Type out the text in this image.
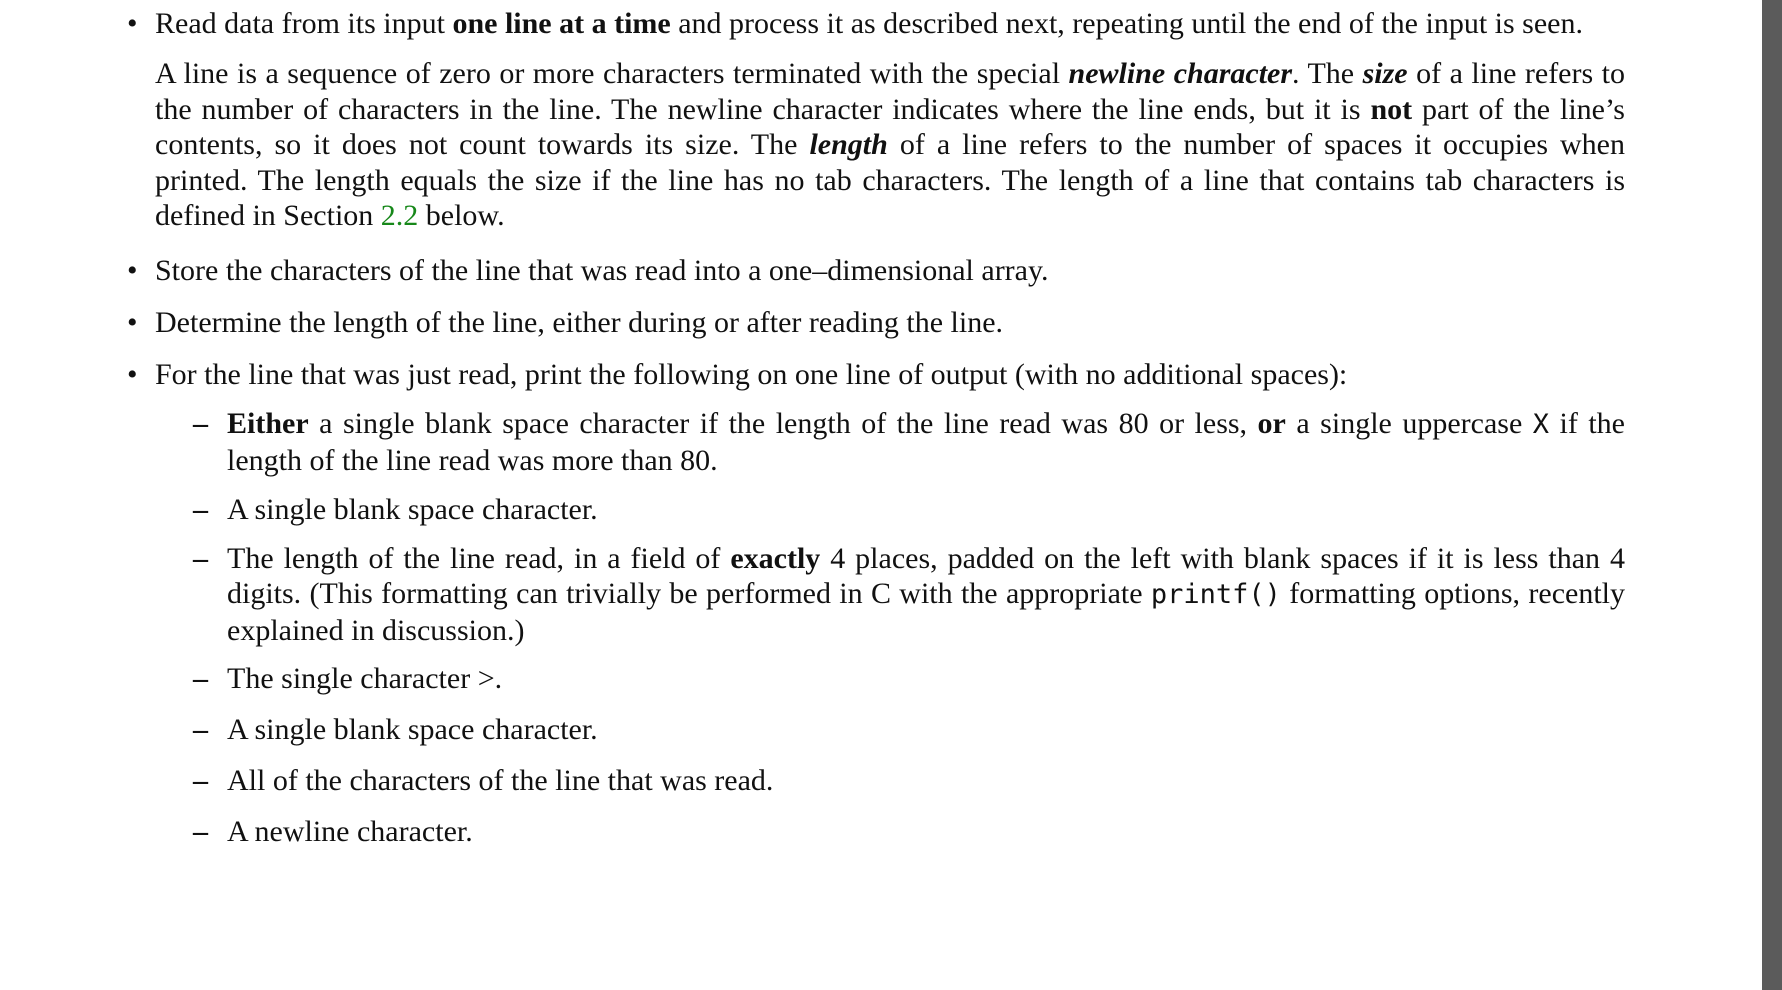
• Read data from its input one line at a time and process it as described next, repeating until the end of the input is seen.
A line is a sequence of zero or more characters terminated with the special newline character. The size of a line refers to the number of characters in the line. The newline character indicates where the line ends, but it is not part of the line’s contents, so it does not count towards its size. The length of a line refers to the number of spaces it occupies when printed. The length equals the size if the line has no tab characters. The length of a line that contains tab characters is defined in Section 2.2 below.
• Store the characters of the line that was read into a one–dimensional array.
• Determine the length of the line, either during or after reading the line.
• For the line that was just read, print the following on one line of output (with no additional spaces):
– Either a single blank space character if the length of the line read was 80 or less, or a single uppercase X if the length of the line read was more than 80.
– A single blank space character.
– The length of the line read, in a field of exactly 4 places, padded on the left with blank spaces if it is less than 4 digits. (This formatting can trivially be performed in C with the appropriate printf() formatting options, recently explained in discussion.)
– The single character >.
– A single blank space character.
– All of the characters of the line that was read.
– A newline character.
